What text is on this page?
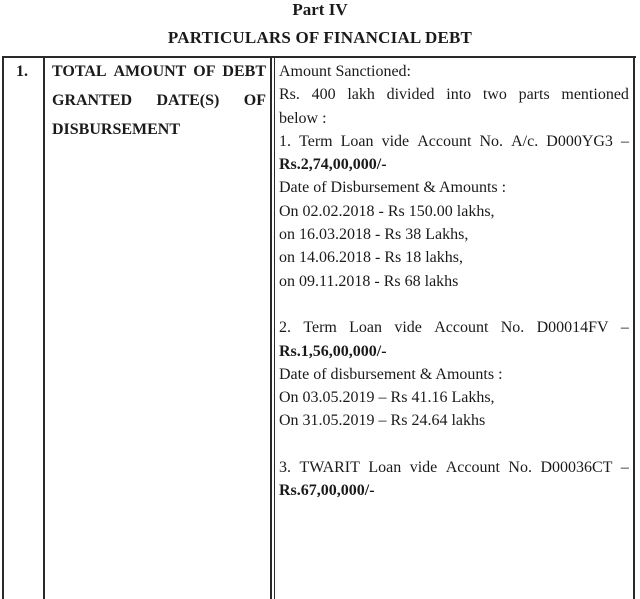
Part IV
PARTICULARS OF FINANCIAL DEBT
1. TOTAL AMOUNT OF DEBT
GRANTED DATE(S) OF
DISBURSEMENT
Amount Sanctioned:
Rs. 400 lakh divided into two parts mentioned
below :
1. Term Loan vide Account No. A/c. D000YG3 –
Rs.2,74,00,000/-
Date of Disbursement & Amounts :
On 02.02.2018 - Rs 150.00 lakhs,
on 16.03.2018 - Rs 38 Lakhs,
on 14.06.2018 - Rs 18 lakhs,
on 09.11.2018 - Rs 68 lakhs
2. Term Loan vide Account No. D00014FV –
Rs.1,56,00,000/-
Date of disbursement & Amounts :
On 03.05.2019 – Rs 41.16 Lakhs,
On 31.05.2019 – Rs 24.64 lakhs
3. TWARIT Loan vide Account No. D00036CT –
Rs.67,00,000/-
